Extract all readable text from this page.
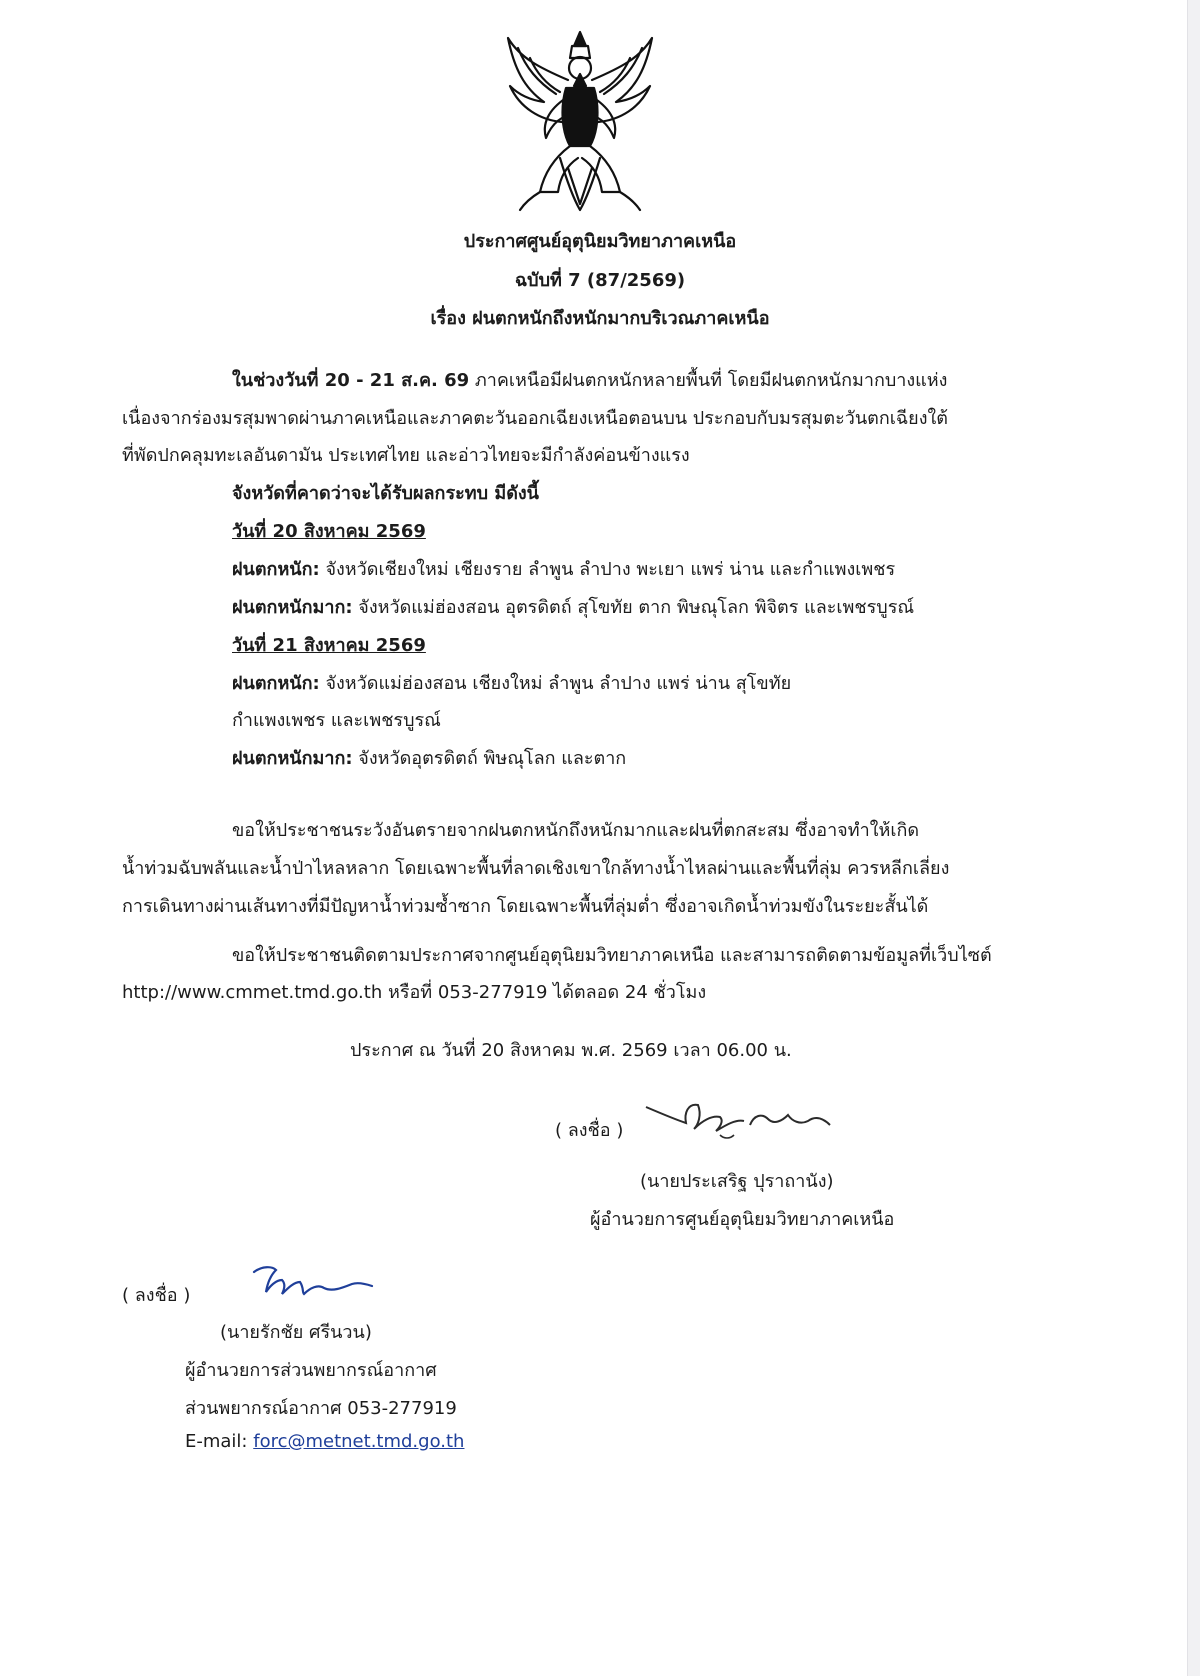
ประกาศศูนย์อุตุนิยมวิทยาภาคเหนือ
ฉบับที่ 7 (87/2569)
เรื่อง ฝนตกหนักถึงหนักมากบริเวณภาคเหนือ
ในช่วงวันที่ 20 - 21 ส.ค. 69 ภาคเหนือมีฝนตกหนักหลายพื้นที่ โดยมีฝนตกหนักมากบางแห่ง
เนื่องจากร่องมรสุมพาดผ่านภาคเหนือและภาคตะวันออกเฉียงเหนือตอนบน ประกอบกับมรสุมตะวันตกเฉียงใต้
ที่พัดปกคลุมทะเลอันดามัน ประเทศไทย และอ่าวไทยจะมีกำลังค่อนข้างแรง
จังหวัดที่คาดว่าจะได้รับผลกระทบ มีดังนี้
วันที่ 20 สิงหาคม 2569
ฝนตกหนัก: จังหวัดเชียงใหม่ เชียงราย ลำพูน ลำปาง พะเยา แพร่ น่าน และกำแพงเพชร
ฝนตกหนักมาก: จังหวัดแม่ฮ่องสอน อุตรดิตถ์ สุโขทัย ตาก พิษณุโลก พิจิตร และเพชรบูรณ์
วันที่ 21 สิงหาคม 2569
ฝนตกหนัก: จังหวัดแม่ฮ่องสอน เชียงใหม่ ลำพูน ลำปาง แพร่ น่าน สุโขทัย
กำแพงเพชร และเพชรบูรณ์
ฝนตกหนักมาก: จังหวัดอุตรดิตถ์ พิษณุโลก และตาก
ขอให้ประชาชนระวังอันตรายจากฝนตกหนักถึงหนักมากและฝนที่ตกสะสม ซึ่งอาจทำให้เกิด
น้ำท่วมฉับพลันและน้ำป่าไหลหลาก โดยเฉพาะพื้นที่ลาดเชิงเขาใกล้ทางน้ำไหลผ่านและพื้นที่ลุ่ม ควรหลีกเลี่ยง
การเดินทางผ่านเส้นทางที่มีปัญหาน้ำท่วมซ้ำซาก โดยเฉพาะพื้นที่ลุ่มต่ำ ซึ่งอาจเกิดน้ำท่วมขังในระยะสั้นได้
ขอให้ประชาชนติดตามประกาศจากศูนย์อุตุนิยมวิทยาภาคเหนือ และสามารถติดตามข้อมูลที่เว็บไซต์
http://www.cmmet.tmd.go.th หรือที่ 053-277919 ได้ตลอด 24 ชั่วโมง
ประกาศ ณ วันที่ 20 สิงหาคม พ.ศ. 2569 เวลา 06.00 น.
( ลงชื่อ )
(นายประเสริฐ ปุราถานัง)
ผู้อำนวยการศูนย์อุตุนิยมวิทยาภาคเหนือ
( ลงชื่อ )
(นายรักชัย ศรีนวน)
ผู้อำนวยการส่วนพยากรณ์อากาศ
ส่วนพยากรณ์อากาศ 053-277919
E-mail: forc@metnet.tmd.go.th
